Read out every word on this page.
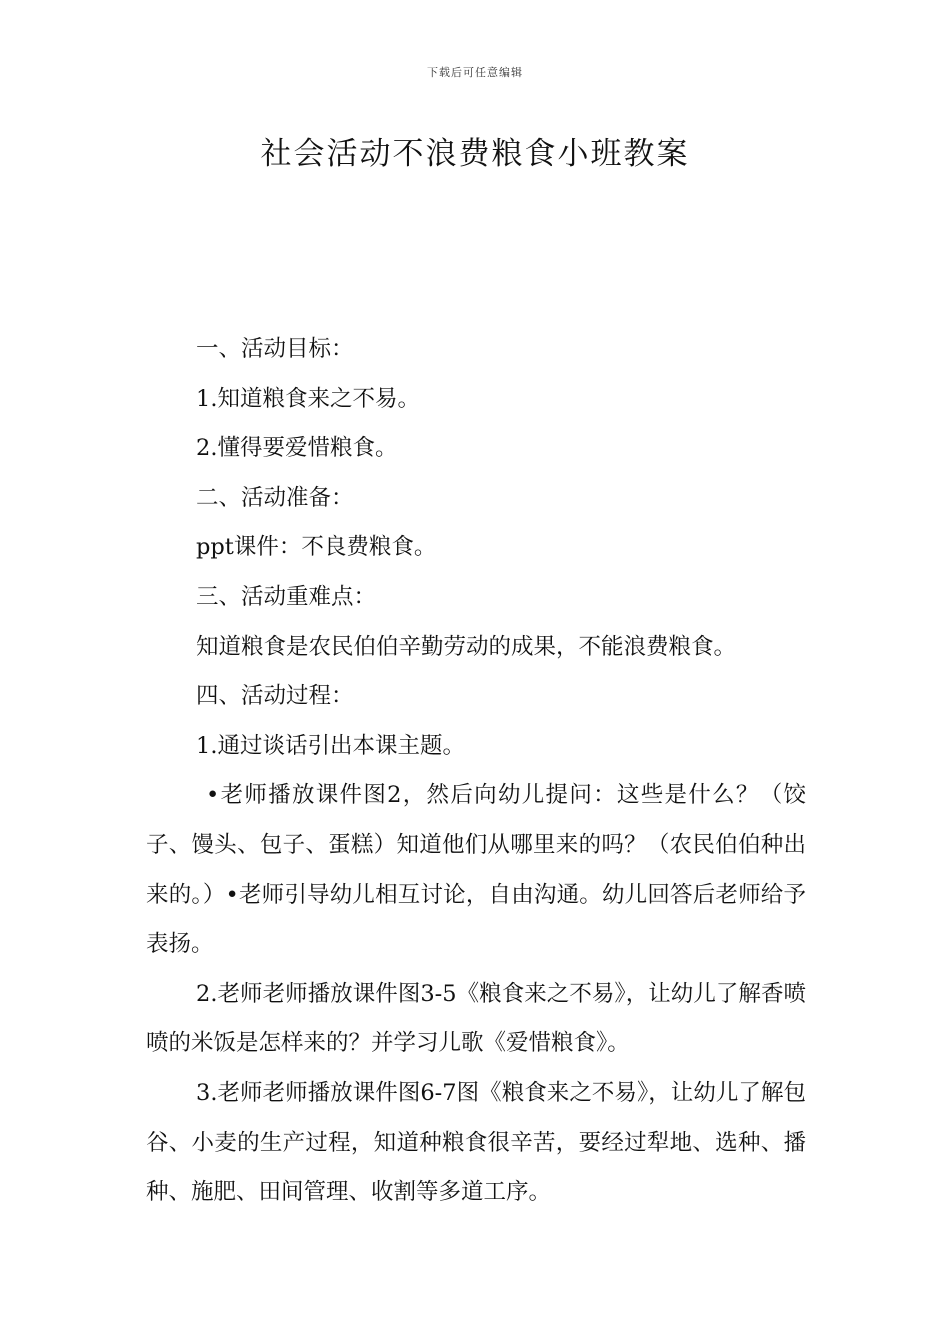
下载后可任意编辑
社会活动不浪费粮食小班教案

一、活动目标：

1.知道粮食来之不易。

2.懂得要爱惜粮食。

二、活动准备：

ppt课件：不良费粮食。

三、活动重难点：

知道粮食是农民伯伯辛勤劳动的成果，不能浪费粮食。

四、活动过程：

1.通过谈话引出本课主题。

•老师播放课件图2，然后向幼儿提问：这些是什么？（饺子、馒头、包子、蛋糕）知道他们从哪里来的吗？（农民伯伯种出来的。）•老师引导幼儿相互讨论，自由沟通。幼儿回答后老师给予表扬。

2.老师老师播放课件图3-5《粮食来之不易》，让幼儿了解香喷喷的米饭是怎样来的？并学习儿歌《爱惜粮食》。

3.老师老师播放课件图6-7图《粮食来之不易》，让幼儿了解包谷、小麦的生产过程，知道种粮食很辛苦，要经过犁地、选种、播种、施肥、田间管理、收割等多道工序。
